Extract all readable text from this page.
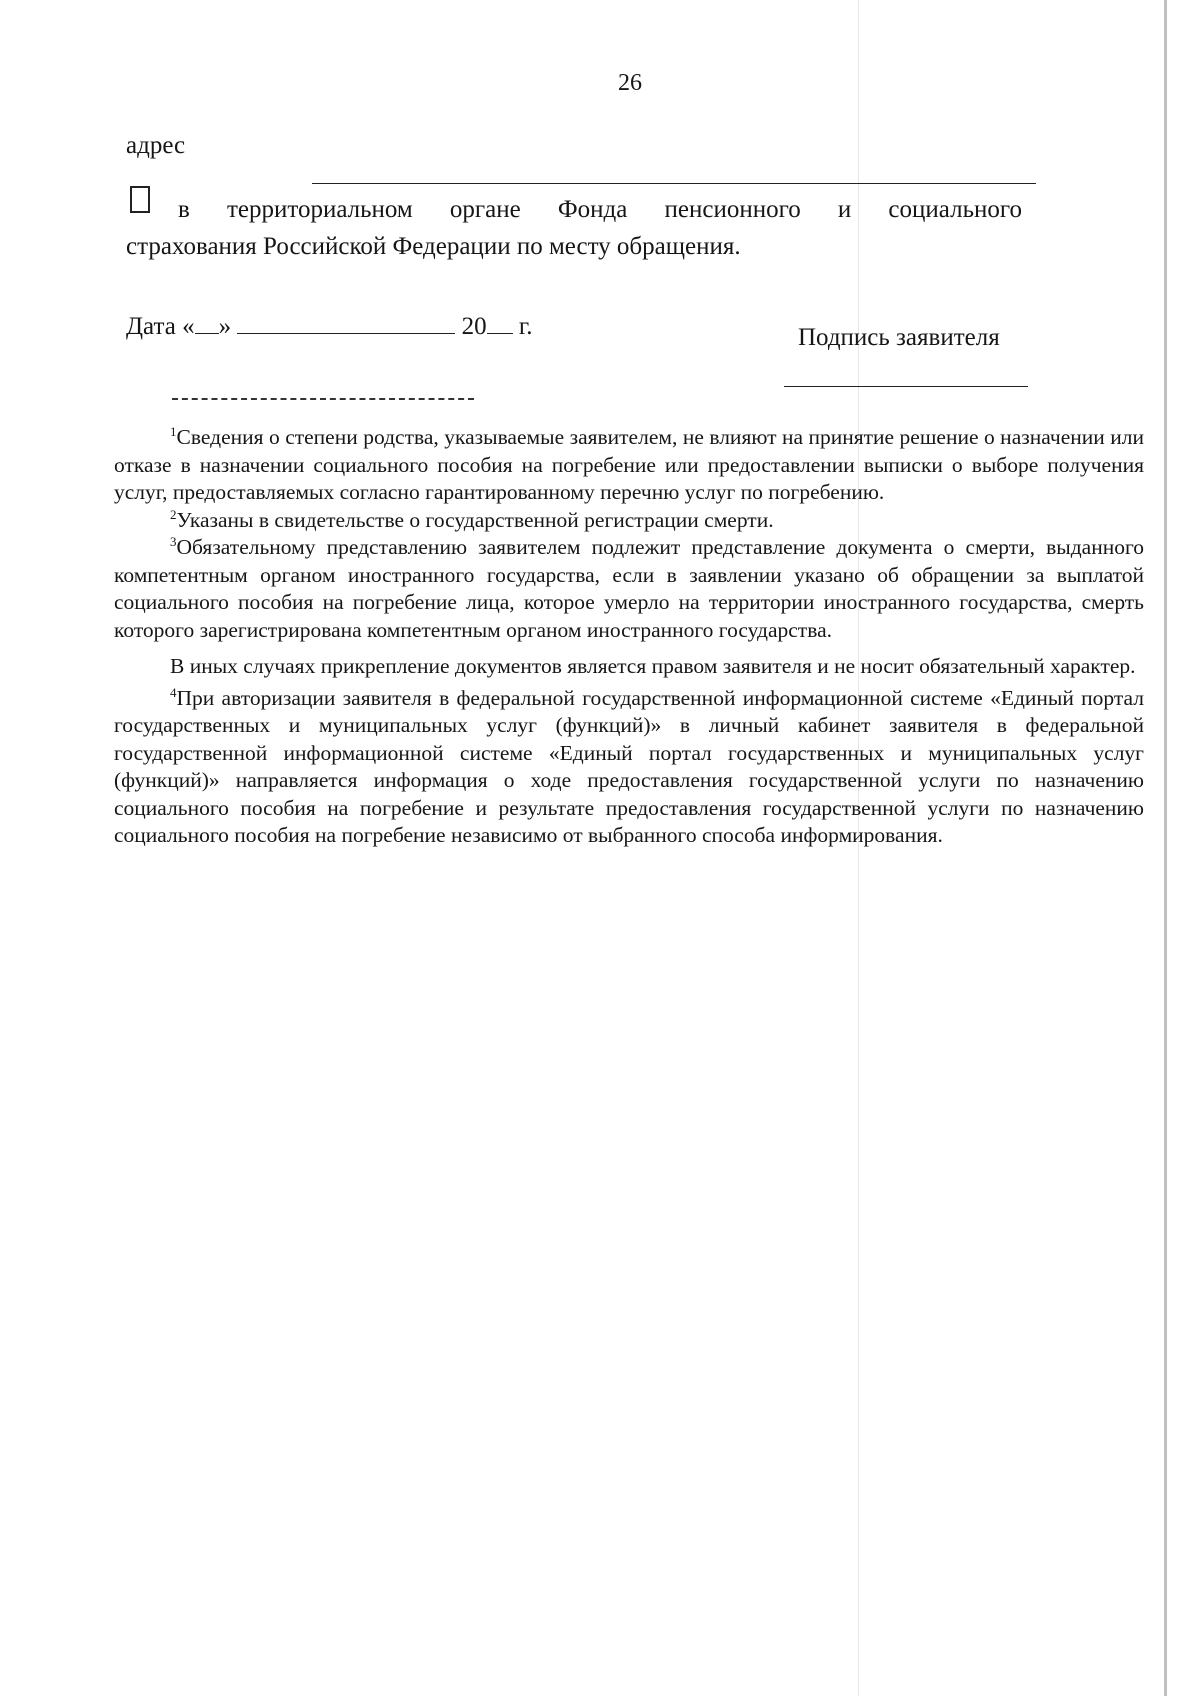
26
адрес
в территориальном органе Фонда пенсионного и социального
страхования Российской Федерации по месту обращения.
Дата « »	20 г.	Подпись заявителя

$^1$Сведения о степени родства, указываемые заявителем, не влияют на принятие решение о назначении или отказе в назначении социального пособия на погребение или предоставлении выписки о выборе получения услуг, предоставляемых согласно гарантированному перечню услуг по погребению.

$^2$Указаны в свидетельстве о государственной регистрации смерти.

$^3$Обязательному представлению заявителем подлежит представление документа о смерти, выданного компетентным органом иностранного государства, если в заявлении указано об обращении за выплатой социального пособия на погребение лица, которое умерло на территории иностранного государства, смерть которого зарегистрирована компетентным органом иностранного государства.

В иных случаях прикрепление документов является правом заявителя и не носит обязательный характер.

$^4$При авторизации заявителя в федеральной государственной информационной системе «Единый портал государственных и муниципальных услуг (функций)» в личный кабинет заявителя в федеральной государственной информационной системе «Единый портал государственных и муниципальных услуг (функций)» направляется информация о ходе предоставления государственной услуги по назначению социального пособия на погребение и результате предоставления государственной услуги по назначению социального пособия на погребение независимо от выбранного способа информирования.
